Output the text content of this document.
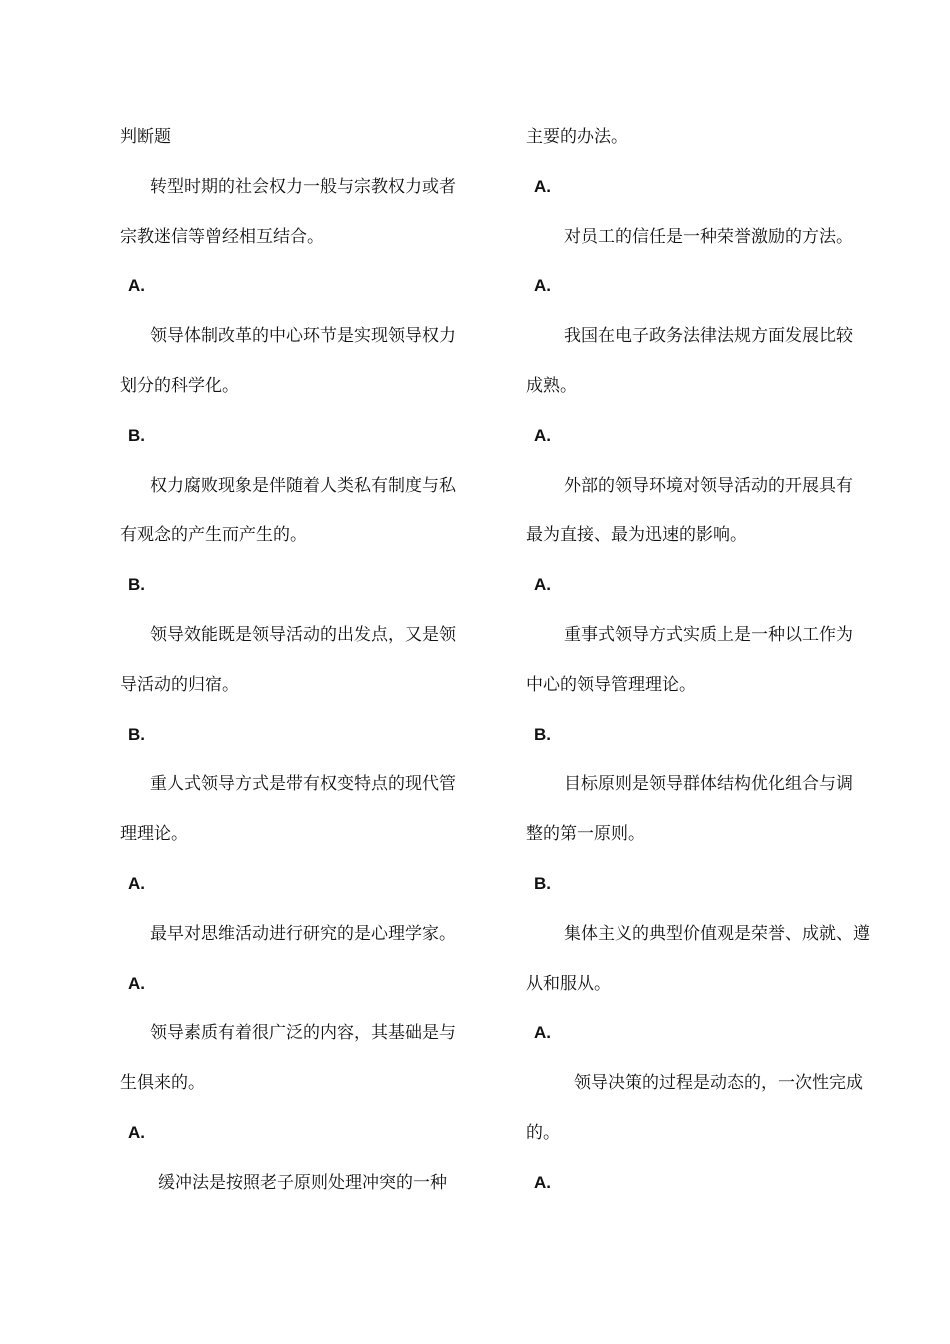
判断题
转型时期的社会权力一般与宗教权力或者
宗教迷信等曾经相互结合。
A.
领导体制改革的中心环节是实现领导权力
划分的科学化。
B.
权力腐败现象是伴随着人类私有制度与私
有观念的产生而产生的。
B.
领导效能既是领导活动的出发点，又是领
导活动的归宿。
B.
重人式领导方式是带有权变特点的现代管
理理论。
A.
最早对思维活动进行研究的是心理学家。
A.
领导素质有着很广泛的内容，其基础是与
生俱来的。
A.
缓冲法是按照老子原则处理冲突的一种
主要的办法。
A.
对员工的信任是一种荣誉激励的方法。
A.
我国在电子政务法律法规方面发展比较
成熟。
A.
外部的领导环境对领导活动的开展具有
最为直接、最为迅速的影响。
A.
重事式领导方式实质上是一种以工作为
中心的领导管理理论。
B.
目标原则是领导群体结构优化组合与调
整的第一原则。
B.
集体主义的典型价值观是荣誉、成就、遵
从和服从。
A.
领导决策的过程是动态的，一次性完成
的。
A.
